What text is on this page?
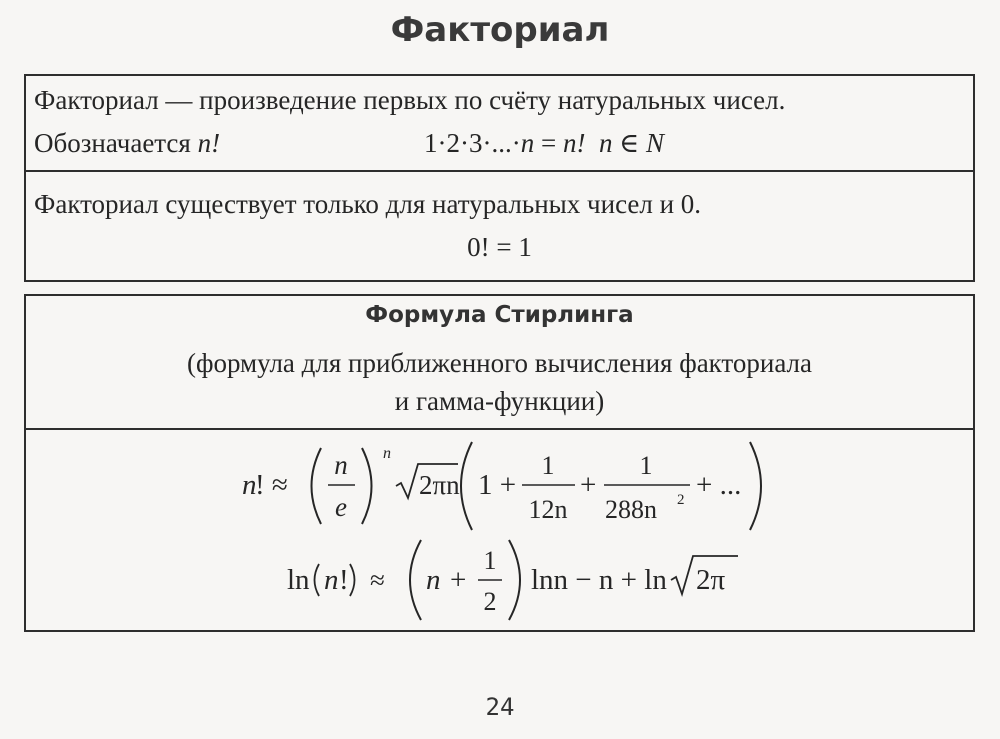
Факториал
Факториал — произведение первых по счёту натуральных чисел.
Обозначается n!	1·2·3·...·n = n! n ∈ N
Факториал существует только для натуральных чисел и 0.
0! = 1
Формула Стирлинга
(формула для приближенного вычисления факториала
и гамма-функции)
n
! ≈
n
e
n
2πn 1 +
1
12n
+
1
288n 2 + ...
ln n ! ≈ n +
1
2
lnn − n + ln 2π
24
